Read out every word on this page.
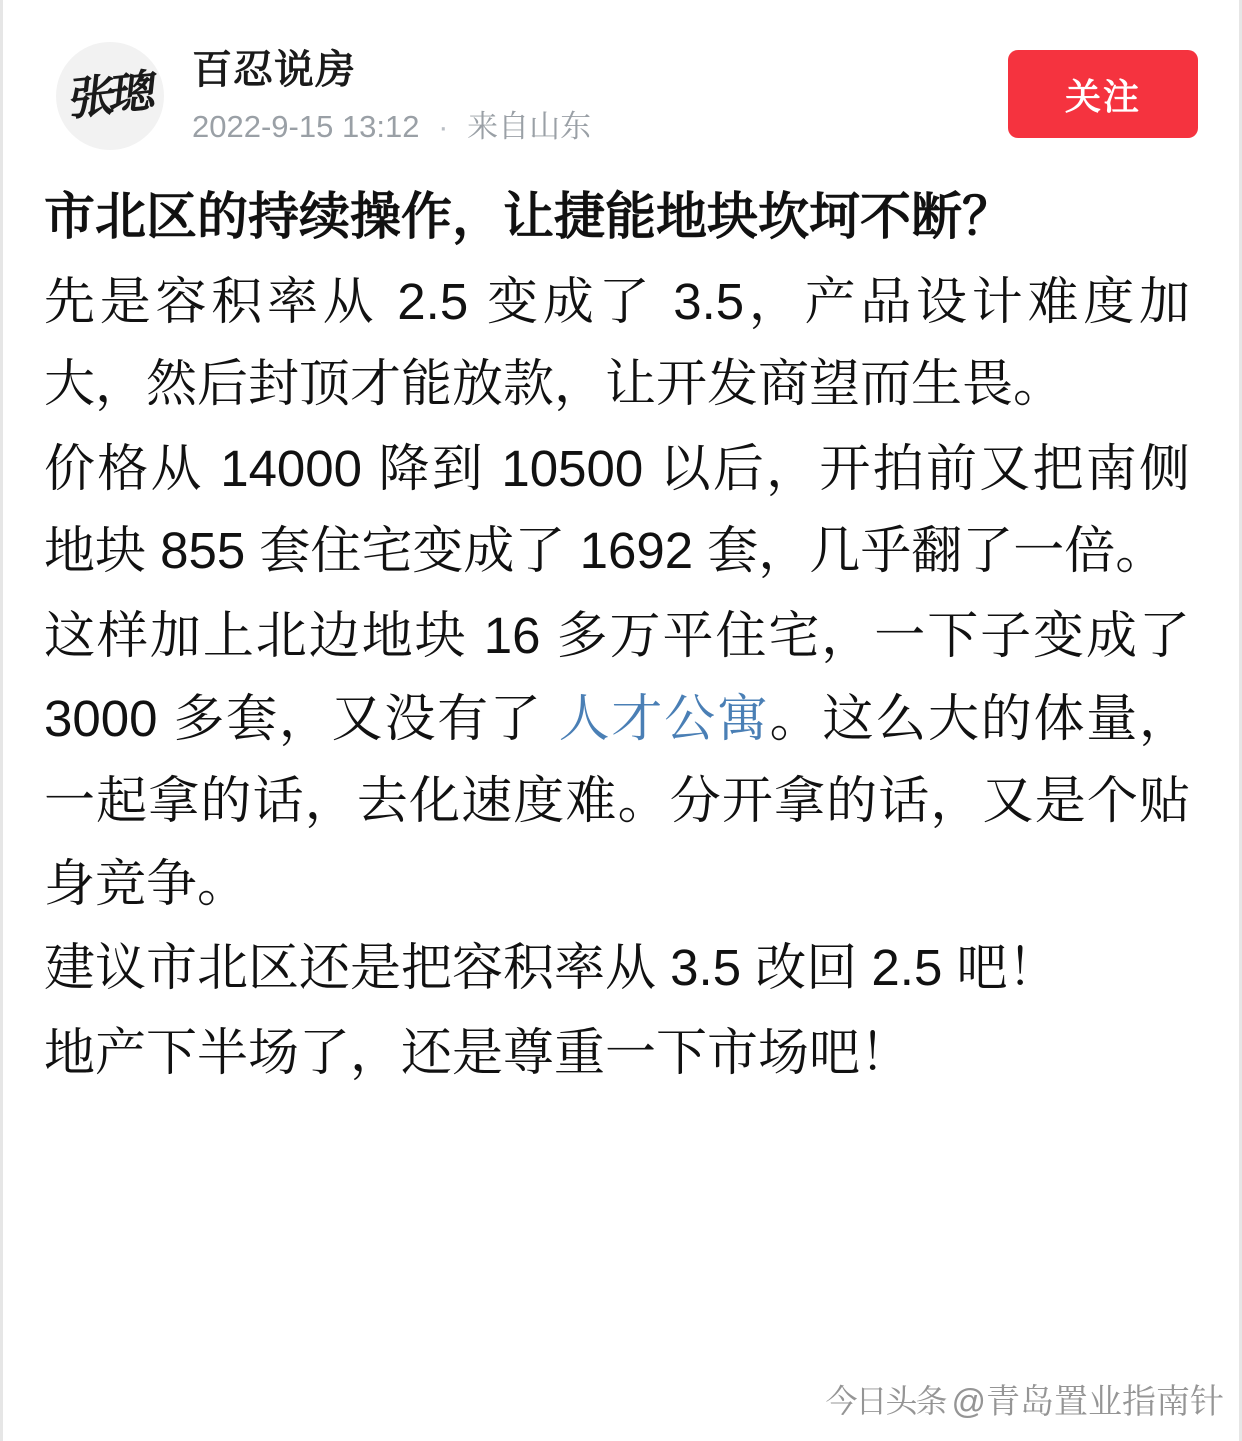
张璁 百忍说房
2022-9-15 13:12 · 来自山东
关注

市北区的持续操作，让捷能地块坎坷不断？

先是容积率从 2.5 变成了 3.5，产品设计难度加大，然后封顶才能放款，让开发商望而生畏。

价格从 14000 降到 10500 以后，开拍前又把南侧地块 855 套住宅变成了 1692 套，几乎翻了一倍。

这样加上北边地块 16 多万平住宅，一下子变成了 3000 多套，又没有了 人才公寓。这么大的体量，一起拿的话，去化速度难。分开拿的话，又是个贴身竞争。

建议市北区还是把容积率从 3.5 改回 2.5 吧！

地产下半场了，还是尊重一下市场吧！

今日头条 @青岛置业指南针
